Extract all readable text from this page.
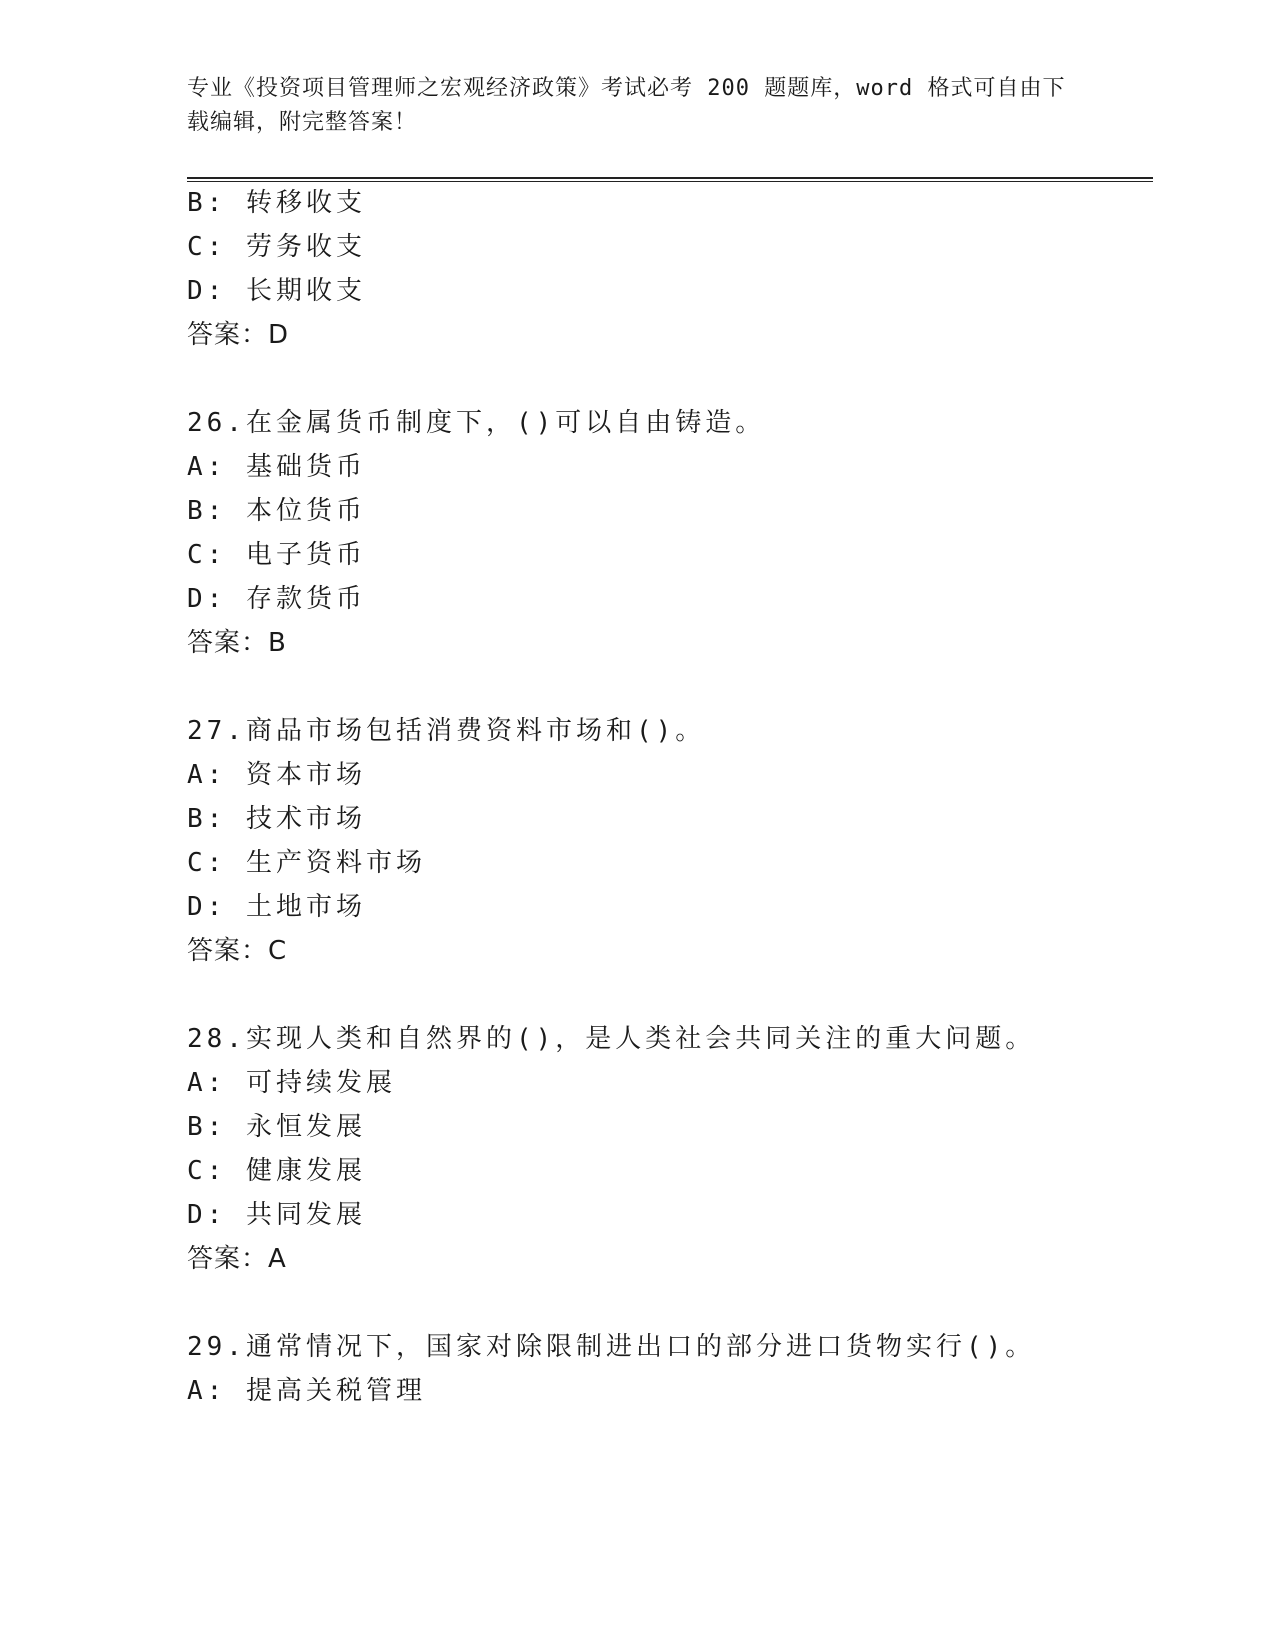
专业《投资项目管理师之宏观经济政策》考试必考 200 题题库，word 格式可自由下载编辑，附完整答案！
B: 转移收支
C: 劳务收支
D: 长期收支
答案：D
26.在金属货币制度下，()可以自由铸造。
A: 基础货币
B: 本位货币
C: 电子货币
D: 存款货币
答案：B
27.商品市场包括消费资料市场和()。
A: 资本市场
B: 技术市场
C: 生产资料市场
D: 土地市场
答案：C
28.实现人类和自然界的()，是人类社会共同关注的重大问题。
A: 可持续发展
B: 永恒发展
C: 健康发展
D: 共同发展
答案：A
29.通常情况下，国家对除限制进出口的部分进口货物实行()。
A: 提高关税管理
